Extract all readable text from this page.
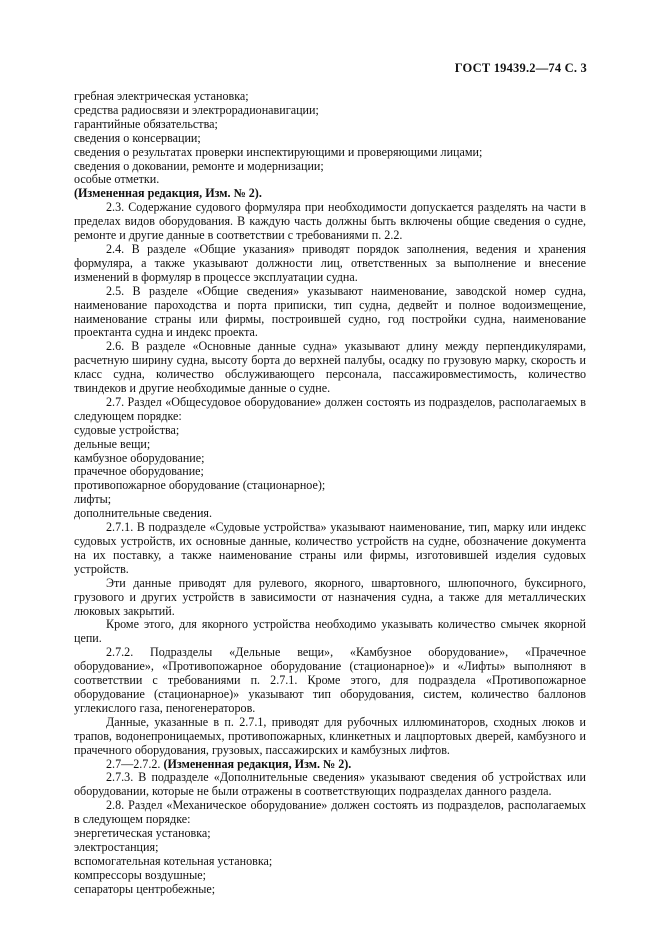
ГОСТ 19439.2—74 С. 3
гребная электрическая установка;
средства радиосвязи и электрорадионавигации;
гарантийные обязательства;
сведения о консервации;
сведения о результатах проверки инспектирующими и проверяющими лицами;
сведения о доковании, ремонте и модернизации;
особые отметки.
(Измененная редакция, Изм. № 2).

2.3. Содержание судового формуляра при необходимости допускается разделять на части в пределах видов оборудования. В каждую часть должны быть включены общие сведения о судне, ремонте и другие данные в соответствии с требованиями п. 2.2.

2.4. В разделе «Общие указания» приводят порядок заполнения, ведения и хранения формуляра, а также указывают должности лиц, ответственных за выполнение и внесение изменений в формуляр в процессе эксплуатации судна.

2.5. В разделе «Общие сведения» указывают наименование, заводской номер судна, наименование пароходства и порта приписки, тип судна, дедвейт и полное водоизмещение, наименование страны или фирмы, построившей судно, год постройки судна, наименование проектанта судна и индекс проекта.

2.6. В разделе «Основные данные судна» указывают длину между перпендикулярами, расчетную ширину судна, высоту борта до верхней палубы, осадку по грузовую марку, скорость и класс судна, количество обслуживающего персонала, пассажировместимость, количество твиндеков и другие необходимые данные о судне.

2.7. Раздел «Общесудовое оборудование» должен состоять из подразделов, располагаемых в следующем порядке:

судовые устройства;
дельные вещи;
камбузное оборудование;
прачечное оборудование;
противопожарное оборудование (стационарное);
лифты;
дополнительные сведения.

2.7.1. В подразделе «Судовые устройства» указывают наименование, тип, марку или индекс судовых устройств, их основные данные, количество устройств на судне, обозначение документа на их поставку, а также наименование страны или фирмы, изготовившей изделия судовых устройств.

Эти данные приводят для рулевого, якорного, швартовного, шлюпочного, буксирного, грузового и других устройств в зависимости от назначения судна, а также для металлических люковых закрытий.

Кроме этого, для якорного устройства необходимо указывать количество смычек якорной цепи.

2.7.2. Подразделы «Дельные вещи», «Камбузное оборудование», «Прачечное оборудование», «Противопожарное оборудование (стационарное)» и «Лифты» выполняют в соответствии с требованиями п. 2.7.1. Кроме этого, для подраздела «Противопожарное оборудование (стационарное)» указывают тип оборудования, систем, количество баллонов углекислого газа, пеногенераторов.

Данные, указанные в п. 2.7.1, приводят для рубочных иллюминаторов, сходных люков и трапов, водонепроницаемых, противопожарных, клинкетных и лацпортовых дверей, камбузного и прачечного оборудования, грузовых, пассажирских и камбузных лифтов.

2.7—2.7.2. (Измененная редакция, Изм. № 2).

2.7.3. В подразделе «Дополнительные сведения» указывают сведения об устройствах или оборудовании, которые не были отражены в соответствующих подразделах данного раздела.

2.8. Раздел «Механическое оборудование» должен состоять из подразделов, располагаемых в следующем порядке:

энергетическая установка;
электростанция;
вспомогательная котельная установка;
компрессоры воздушные;
сепараторы центробежные;
